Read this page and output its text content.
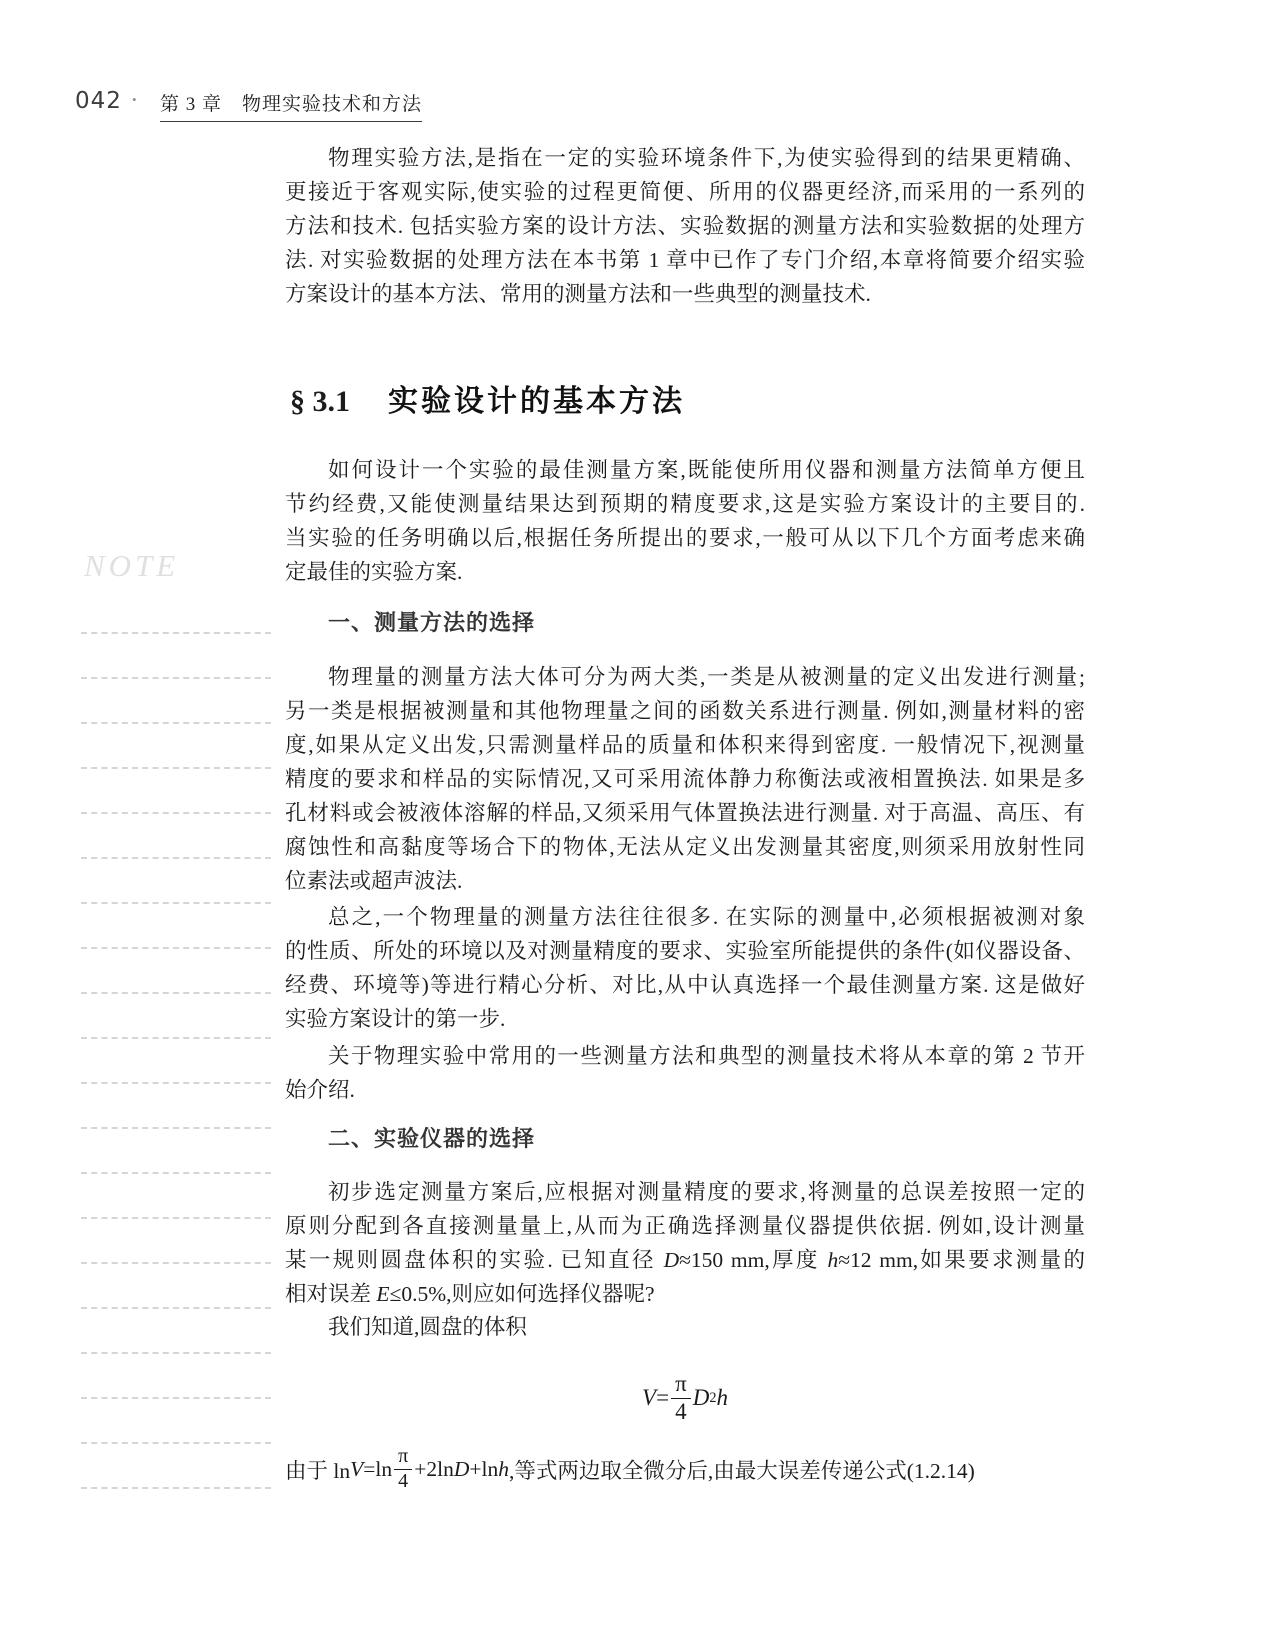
042 • 第 3 章　物理实验技术和方法
NOTE
物理实验方法,是指在一定的实验环境条件下,为使实验得到的结果更精确、
更接近于客观实际,使实验的过程更简便、所用的仪器更经济,而采用的一系列的
方法和技术. 包括实验方案的设计方法、实验数据的测量方法和实验数据的处理方
法. 对实验数据的处理方法在本书第 1 章中已作了专门介绍,本章将简要介绍实验
方案设计的基本方法、常用的测量方法和一些典型的测量技术.
§ 3.1 实验设计的基本方法
如何设计一个实验的最佳测量方案,既能使所用仪器和测量方法简单方便且
节约经费,又能使测量结果达到预期的精度要求,这是实验方案设计的主要目的.
当实验的任务明确以后,根据任务所提出的要求,一般可从以下几个方面考虑来确
定最佳的实验方案.
一、测量方法的选择
物理量的测量方法大体可分为两大类,一类是从被测量的定义出发进行测量;
另一类是根据被测量和其他物理量之间的函数关系进行测量. 例如,测量材料的密
度,如果从定义出发,只需测量样品的质量和体积来得到密度. 一般情况下,视测量
精度的要求和样品的实际情况,又可采用流体静力称衡法或液相置换法. 如果是多
孔材料或会被液体溶解的样品,又须采用气体置换法进行测量. 对于高温、高压、有
腐蚀性和高黏度等场合下的物体,无法从定义出发测量其密度,则须采用放射性同
位素法或超声波法.
总之,一个物理量的测量方法往往很多. 在实际的测量中,必须根据被测对象
的性质、所处的环境以及对测量精度的要求、实验室所能提供的条件(如仪器设备、
经费、环境等)等进行精心分析、对比,从中认真选择一个最佳测量方案. 这是做好
实验方案设计的第一步.
关于物理实验中常用的一些测量方法和典型的测量技术将从本章的第 2 节开
始介绍.
二、实验仪器的选择
初步选定测量方案后,应根据对测量精度的要求,将测量的总误差按照一定的
原则分配到各直接测量量上,从而为正确选择测量仪器提供依据. 例如,设计测量
某一规则圆盘体积的实验. 已知直径 D≈150 mm,厚度 h≈12 mm,如果要求测量的
相对误差 E≤0.5%,则应如何选择仪器呢?
我们知道,圆盘的体积
$V = \frac{\pi}{4}$ D 2 h
由于 $\ln V =\ln \frac{\pi}{4} +2\ln$ D +ln h ,等式两边取全微分后,由最大误差传递公式(1.2.14)
